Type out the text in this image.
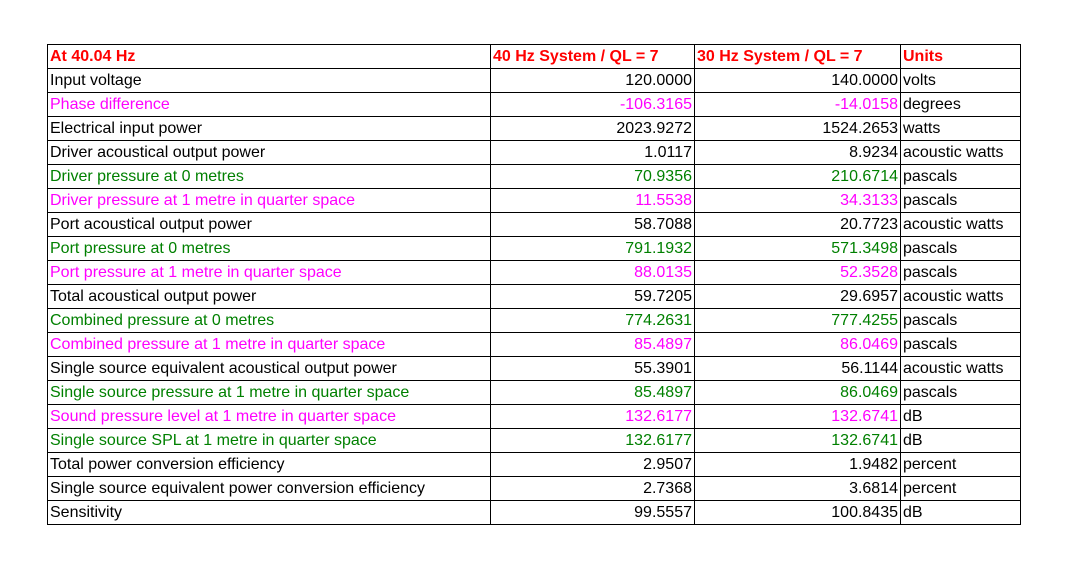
At 40.04 Hz	40 Hz System / QL = 7	30 Hz System / QL = 7	Units
Input voltage	120.0000	140.0000	volts
Phase difference	-106.3165	-14.0158	degrees
Electrical input power	2023.9272	1524.2653	watts
Driver acoustical output power	1.0117	8.9234	acoustic watts
Driver pressure at 0 metres	70.9356	210.6714	pascals
Driver pressure at 1 metre in quarter space	11.5538	34.3133	pascals
Port acoustical output power	58.7088	20.7723	acoustic watts
Port pressure at 0 metres	791.1932	571.3498	pascals
Port pressure at 1 metre in quarter space	88.0135	52.3528	pascals
Total acoustical output power	59.7205	29.6957	acoustic watts
Combined pressure at 0 metres	774.2631	777.4255	pascals
Combined pressure at 1 metre in quarter space	85.4897	86.0469	pascals
Single source equivalent acoustical output power	55.3901	56.1144	acoustic watts
Single source pressure at 1 metre in quarter space	85.4897	86.0469	pascals
Sound pressure level at 1 metre in quarter space	132.6177	132.6741	dB
Single source SPL at 1 metre in quarter space	132.6177	132.6741	dB
Total power conversion efficiency	2.9507	1.9482	percent
Single source equivalent power conversion efficiency	2.7368	3.6814	percent
Sensitivity	99.5557	100.8435	dB
